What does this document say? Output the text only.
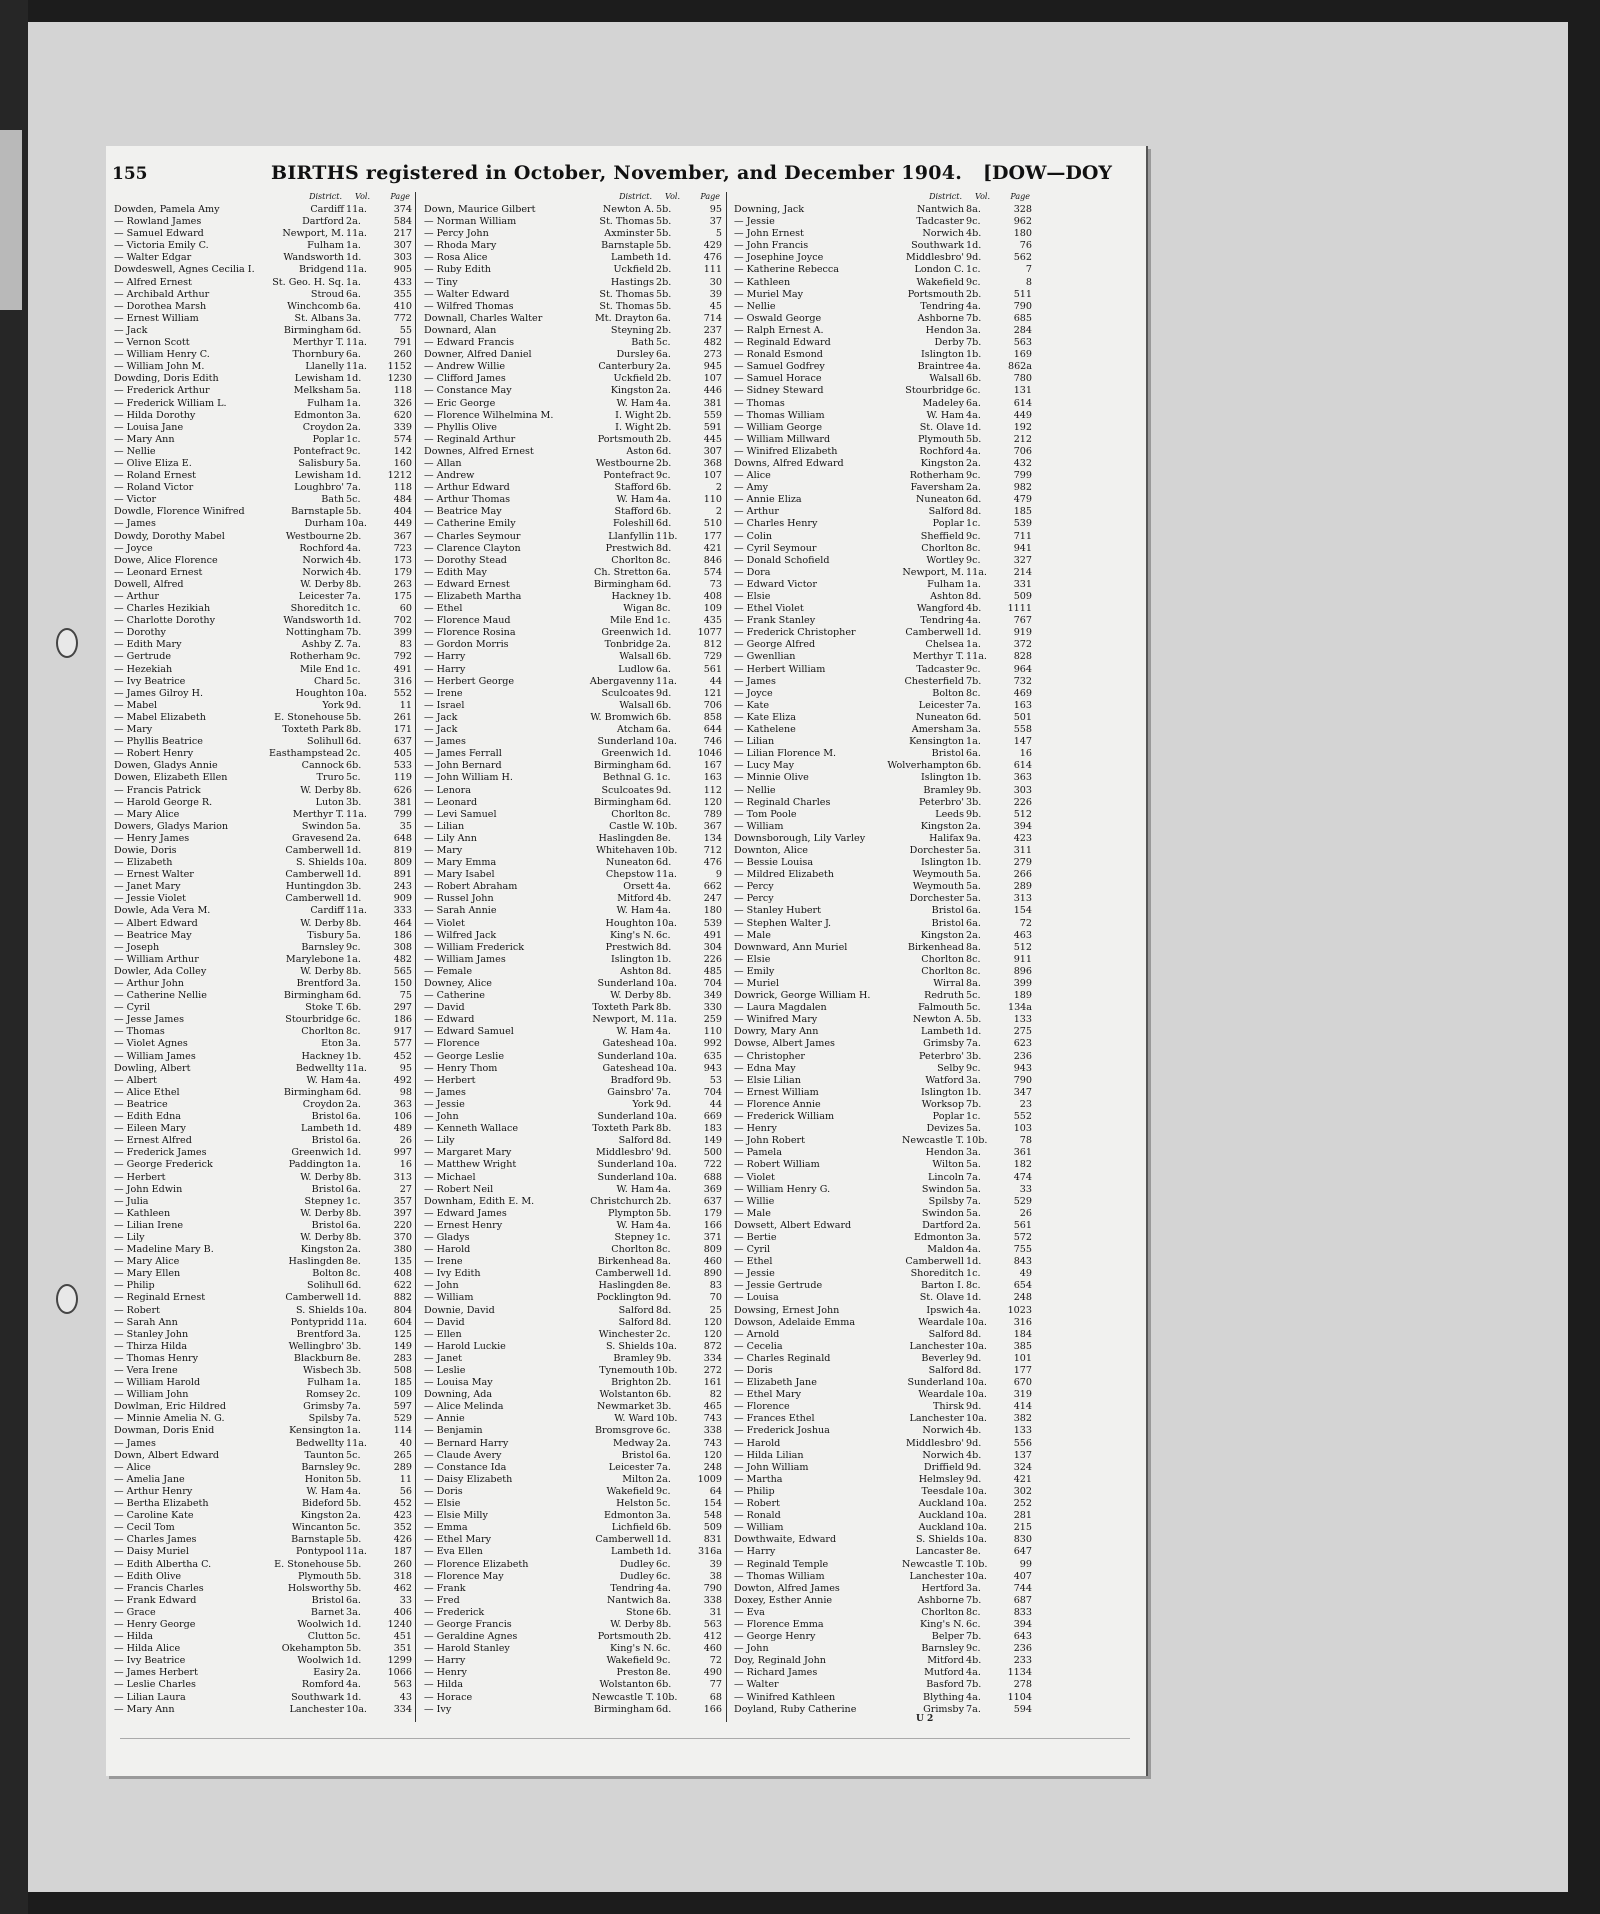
155	BIRTHS registered in October, November, and December 1904. [DOW—DOY
District. Vol.	Page
Dowden, Pamela Amy	Cardiff 11a.	374
— Rowland James	Dartford 2a.	584
— Samuel Edward	Newport, M. 11a.	217
— Victoria Emily C.	Fulham 1a.	307
— Walter Edgar	Wandsworth 1d.	303
Dowdeswell, Agnes Cecilia I.	Bridgend 11a.	905
— Alfred Ernest	St. Geo. H. Sq. 1a.	433
— Archibald Arthur	Stroud 6a.	355
— Dorothea Marsh	Winchcomb 6a.	410
— Ernest William	St. Albans 3a.	772
— Jack	Birmingham 6d.	55
— Vernon Scott	Merthyr T. 11a.	791
— William Henry C.	Thornbury 6a.	260
— William John M.	Llanelly 11a.	1152
Dowding, Doris Edith	Lewisham 1d.	1230
— Frederick Arthur	Melksham 5a.	118
— Frederick William L.	Fulham 1a.	326
— Hilda Dorothy	Edmonton 3a.	620
— Louisa Jane	Croydon 2a.	339
— Mary Ann	Poplar 1c.	574
— Nellie	Pontefract 9c.	142
— Olive Eliza E.	Salisbury 5a.	160
— Roland Ernest	Lewisham 1d.	1212
— Roland Victor	Loughbro' 7a.	118
— Victor	Bath 5c.	484
Dowdle, Florence Winifred	Barnstaple 5b.	404
— James	Durham 10a.	449
Dowdy, Dorothy Mabel	Westbourne 2b.	367
— Joyce	Rochford 4a.	723
Dowe, Alice Florence	Norwich 4b.	173
— Leonard Ernest	Norwich 4b.	179
Dowell, Alfred	W. Derby 8b.	263
— Arthur	Leicester 7a.	175
— Charles Hezikiah	Shoreditch 1c.	60
— Charlotte Dorothy	Wandsworth 1d.	702
— Dorothy	Nottingham 7b.	399
— Edith Mary	Ashby Z. 7a.	83
— Gertrude	Rotherham 9c.	792
— Hezekiah	Mile End 1c.	491
— Ivy Beatrice	Chard 5c.	316
— James Gilroy H.	Houghton 10a.	552
— Mabel	York 9d.	11
— Mabel Elizabeth	E. Stonehouse 5b.	261
— Mary	Toxteth Park 8b.	171
— Phyllis Beatrice	Solihull 6d.	637
— Robert Henry	Easthampstead 2c.	405
Dowen, Gladys Annie	Cannock 6b.	533
Dowen, Elizabeth Ellen	Truro 5c.	119
— Francis Patrick	W. Derby 8b.	626
— Harold George R.	Luton 3b.	381
— Mary Alice	Merthyr T. 11a.	799
Dowers, Gladys Marion	Swindon 5a.	35
— Henry James	Gravesend 2a.	648
Dowie, Doris	Camberwell 1d.	819
— Elizabeth	S. Shields 10a.	809
— Ernest Walter	Camberwell 1d.	891
— Janet Mary	Huntingdon 3b.	243
— Jessie Violet	Camberwell 1d.	909
Dowle, Ada Vera M.	Cardiff 11a.	333
— Albert Edward	W. Derby 8b.	464
— Beatrice May	Tisbury 5a.	186
— Joseph	Barnsley 9c.	308
— William Arthur	Marylebone 1a.	482
Dowler, Ada Colley	W. Derby 8b.	565
— Arthur John	Brentford 3a.	150
— Catherine Nellie	Birmingham 6d.	75
— Cyril	Stoke T. 6b.	297
— Jesse James	Stourbridge 6c.	186
— Thomas	Chorlton 8c.	917
— Violet Agnes	Eton 3a.	577
— William James	Hackney 1b.	452
Dowling, Albert	Bedwellty 11a.	95
— Albert	W. Ham 4a.	492
— Alice Ethel	Birmingham 6d.	98
— Beatrice	Croydon 2a.	363
— Edith Edna	Bristol 6a.	106
— Eileen Mary	Lambeth 1d.	489
— Ernest Alfred	Bristol 6a.	26
— Frederick James	Greenwich 1d.	997
— George Frederick	Paddington 1a.	16
— Herbert	W. Derby 8b.	313
— John Edwin	Bristol 6a.	27
— Julia	Stepney 1c.	357
— Kathleen	W. Derby 8b.	397
— Lilian Irene	Bristol 6a.	220
— Lily	W. Derby 8b.	370
— Madeline Mary B.	Kingston 2a.	380
— Mary Alice	Haslingden 8e.	135
— Mary Ellen	Bolton 8c.	408
— Philip	Solihull 6d.	622
— Reginald Ernest	Camberwell 1d.	882
— Robert	S. Shields 10a.	804
— Sarah Ann	Pontypridd 11a.	604
— Stanley John	Brentford 3a.	125
— Thirza Hilda	Wellingbro' 3b.	149
— Thomas Henry	Blackburn 8e.	283
— Vera Irene	Wisbech 3b.	508
— William Harold	Fulham 1a.	185
— William John	Romsey 2c.	109
Dowlman, Eric Hildred	Grimsby 7a.	597
— Minnie Amelia N. G.	Spilsby 7a.	529
Dowman, Doris Enid	Kensington 1a.	114
— James	Bedwellty 11a.	40
Down, Albert Edward	Taunton 5c.	265
— Alice	Barnsley 9c.	289
— Amelia Jane	Honiton 5b.	11
— Arthur Henry	W. Ham 4a.	56
— Bertha Elizabeth	Bideford 5b.	452
— Caroline Kate	Kingston 2a.	423
— Cecil Tom	Wincanton 5c.	352
— Charles James	Barnstaple 5b.	426
— Daisy Muriel	Pontypool 11a.	187
— Edith Albertha C.	E. Stonehouse 5b.	260
— Edith Olive	Plymouth 5b.	318
— Francis Charles	Holsworthy 5b.	462
— Frank Edward	Bristol 6a.	33
— Grace	Barnet 3a.	406
— Henry George	Woolwich 1d.	1240
— Hilda	Clutton 5c.	451
— Hilda Alice	Okehampton 5b.	351
— Ivy Beatrice	Woolwich 1d.	1299
— James Herbert	Easiry 2a.	1066
— Leslie Charles	Romford 4a.	563
— Lilian Laura	Southwark 1d.	43
— Mary Ann	Lanchester 10a.	334
District. Vol.	Page
Down, Maurice Gilbert	Newton A. 5b.	95
— Norman William	St. Thomas 5b.	37
— Percy John	Axminster 5b.	5
— Rhoda Mary	Barnstaple 5b.	429
— Rosa Alice	Lambeth 1d.	476
— Ruby Edith	Uckfield 2b.	111
— Tiny	Hastings 2b.	30
— Walter Edward	St. Thomas 5b.	39
— Wilfred Thomas	St. Thomas 5b.	45
Downall, Charles Walter	Mt. Drayton 6a.	714
Downard, Alan	Steyning 2b.	237
— Edward Francis	Bath 5c.	482
Downer, Alfred Daniel	Dursley 6a.	273
— Andrew Willie	Canterbury 2a.	945
— Clifford James	Uckfield 2b.	107
— Constance May	Kingston 2a.	446
— Eric George	W. Ham 4a.	381
— Florence Wilhelmina M.	I. Wight 2b.	559
— Phyllis Olive	I. Wight 2b.	591
— Reginald Arthur	Portsmouth 2b.	445
Downes, Alfred Ernest	Aston 6d.	307
— Allan	Westbourne 2b.	368
— Andrew	Pontefract 9c.	107
— Arthur Edward	Stafford 6b.	2
— Arthur Thomas	W. Ham 4a.	110
— Beatrice May	Stafford 6b.	2
— Catherine Emily	Foleshill 6d.	510
— Charles Seymour	Llanfyllin 11b.	177
— Clarence Clayton	Prestwich 8d.	421
— Dorothy Stead	Chorlton 8c.	846
— Edith May	Ch. Stretton 6a.	574
— Edward Ernest	Birmingham 6d.	73
— Elizabeth Martha	Hackney 1b.	408
— Ethel	Wigan 8c.	109
— Florence Maud	Mile End 1c.	435
— Florence Rosina	Greenwich 1d.	1077
— Gordon Morris	Tonbridge 2a.	812
— Harry	Walsall 6b.	729
— Harry	Ludlow 6a.	561
— Herbert George	Abergavenny 11a.	44
— Irene	Sculcoates 9d.	121
— Israel	Walsall 6b.	706
— Jack	W. Bromwich 6b.	858
— Jack	Atcham 6a.	644
— James	Sunderland 10a.	746
— James Ferrall	Greenwich 1d.	1046
— John Bernard	Birmingham 6d.	167
— John William H.	Bethnal G. 1c.	163
— Lenora	Sculcoates 9d.	112
— Leonard	Birmingham 6d.	120
— Levi Samuel	Chorlton 8c.	789
— Lilian	Castle W. 10b.	367
— Lily Ann	Haslingden 8e.	134
— Mary	Whitehaven 10b.	712
— Mary Emma	Nuneaton 6d.	476
— Mary Isabel	Chepstow 11a.	9
— Robert Abraham	Orsett 4a.	662
— Russel John	Mitford 4b.	247
— Sarah Annie	W. Ham 4a.	180
— Violet	Houghton 10a.	539
— Wilfred Jack	King's N. 6c.	491
— William Frederick	Prestwich 8d.	304
— William James	Islington 1b.	226
— Female	Ashton 8d.	485
Downey, Alice	Sunderland 10a.	704
— Catherine	W. Derby 8b.	349
— David	Toxteth Park 8b.	330
— Edward	Newport, M. 11a.	259
— Edward Samuel	W. Ham 4a.	110
— Florence	Gateshead 10a.	992
— George Leslie	Sunderland 10a.	635
— Henry Thom	Gateshead 10a.	943
— Herbert	Bradford 9b.	53
— James	Gainsbro' 7a.	704
— Jessie	York 9d.	44
— John	Sunderland 10a.	669
— Kenneth Wallace	Toxteth Park 8b.	183
— Lily	Salford 8d.	149
— Margaret Mary	Middlesbro' 9d.	500
— Matthew Wright	Sunderland 10a.	722
— Michael	Sunderland 10a.	688
— Robert Neil	W. Ham 4a.	369
Downham, Edith E. M.	Christchurch 2b.	637
— Edward James	Plympton 5b.	179
— Ernest Henry	W. Ham 4a.	166
— Gladys	Stepney 1c.	371
— Harold	Chorlton 8c.	809
— Irene	Birkenhead 8a.	460
— Ivy Edith	Camberwell 1d.	890
— John	Haslingden 8e.	83
— William	Pocklington 9d.	70
Downie, David	Salford 8d.	25
— David	Salford 8d.	120
— Ellen	Winchester 2c.	120
— Harold Luckie	S. Shields 10a.	872
— Janet	Bramley 9b.	334
— Leslie	Tynemouth 10b.	272
— Louisa May	Brighton 2b.	161
Downing, Ada	Wolstanton 6b.	82
— Alice Melinda	Newmarket 3b.	465
— Annie	W. Ward 10b.	743
— Benjamin	Bromsgrove 6c.	338
— Bernard Harry	Medway 2a.	743
— Claude Avery	Bristol 6a.	120
— Constance Ida	Leicester 7a.	248
— Daisy Elizabeth	Milton 2a.	1009
— Doris	Wakefield 9c.	64
— Elsie	Helston 5c.	154
— Elsie Milly	Edmonton 3a.	548
— Emma	Lichfield 6b.	509
— Ethel Mary	Camberwell 1d.	831
— Eva Ellen	Lambeth 1d.	316a
— Florence Elizabeth	Dudley 6c.	39
— Florence May	Dudley 6c.	38
— Frank	Tendring 4a.	790
— Fred	Nantwich 8a.	338
— Frederick	Stone 6b.	31
— George Francis	W. Derby 8b.	563
— Geraldine Agnes	Portsmouth 2b.	412
— Harold Stanley	King's N. 6c.	460
— Harry	Wakefield 9c.	72
— Henry	Preston 8e.	490
— Hilda	Wolstanton 6b.	77
— Horace	Newcastle T. 10b.	68
— Ivy	Birmingham 6d.	166
District. Vol.	Page
Downing, Jack	Nantwich 8a.	328
— Jessie	Tadcaster 9c.	962
— John Ernest	Norwich 4b.	180
— John Francis	Southwark 1d.	76
— Josephine Joyce	Middlesbro' 9d.	562
— Katherine Rebecca	London C. 1c.	7
— Kathleen	Wakefield 9c.	8
— Muriel May	Portsmouth 2b.	511
— Nellie	Tendring 4a.	790
— Oswald George	Ashborne 7b.	685
— Ralph Ernest A.	Hendon 3a.	284
— Reginald Edward	Derby 7b.	563
— Ronald Esmond	Islington 1b.	169
— Samuel Godfrey	Braintree 4a.	862a
— Samuel Horace	Walsall 6b.	780
— Sidney Steward	Stourbridge 6c.	131
— Thomas	Madeley 6a.	614
— Thomas William	W. Ham 4a.	449
— William George	St. Olave 1d.	192
— William Millward	Plymouth 5b.	212
— Winifred Elizabeth	Rochford 4a.	706
Downs, Alfred Edward	Kingston 2a.	432
— Alice	Rotherham 9c.	799
— Amy	Faversham 2a.	982
— Annie Eliza	Nuneaton 6d.	479
— Arthur	Salford 8d.	185
— Charles Henry	Poplar 1c.	539
— Colin	Sheffield 9c.	711
— Cyril Seymour	Chorlton 8c.	941
— Donald Schofield	Wortley 9c.	327
— Dora	Newport, M. 11a.	214
— Edward Victor	Fulham 1a.	331
— Elsie	Ashton 8d.	509
— Ethel Violet	Wangford 4b.	1111
— Frank Stanley	Tendring 4a.	767
— Frederick Christopher	Camberwell 1d.	919
— George Alfred	Chelsea 1a.	372
— Gwenllian	Merthyr T. 11a.	828
— Herbert William	Tadcaster 9c.	964
— James	Chesterfield 7b.	732
— Joyce	Bolton 8c.	469
— Kate	Leicester 7a.	163
— Kate Eliza	Nuneaton 6d.	501
— Kathelene	Amersham 3a.	558
— Lilian	Kensington 1a.	147
— Lilian Florence M.	Bristol 6a.	16
— Lucy May	Wolverhampton 6b.	614
— Minnie Olive	Islington 1b.	363
— Nellie	Bramley 9b.	303
— Reginald Charles	Peterbro' 3b.	226
— Tom Poole	Leeds 9b.	512
— William	Kingston 2a.	394
Downsborough, Lily Varley	Halifax 9a.	423
Downton, Alice	Dorchester 5a.	311
— Bessie Louisa	Islington 1b.	279
— Mildred Elizabeth	Weymouth 5a.	266
— Percy	Weymouth 5a.	289
— Percy	Dorchester 5a.	313
— Stanley Hubert	Bristol 6a.	154
— Stephen Walter J.	Bristol 6a.	72
— Male	Kingston 2a.	463
Downward, Ann Muriel	Birkenhead 8a.	512
— Elsie	Chorlton 8c.	911
— Emily	Chorlton 8c.	896
— Muriel	Wirral 8a.	399
Dowrick, George William H.	Redruth 5c.	189
— Laura Magdalen	Falmouth 5c.	134a
— Winifred Mary	Newton A. 5b.	133
Dowry, Mary Ann	Lambeth 1d.	275
Dowse, Albert James	Grimsby 7a.	623
— Christopher	Peterbro' 3b.	236
— Edna May	Selby 9c.	943
— Elsie Lilian	Watford 3a.	790
— Ernest William	Islington 1b.	347
— Florence Annie	Worksop 7b.	23
— Frederick William	Poplar 1c.	552
— Henry	Devizes 5a.	103
— John Robert	Newcastle T. 10b.	78
— Pamela	Hendon 3a.	361
— Robert William	Wilton 5a.	182
— Violet	Lincoln 7a.	474
— William Henry G.	Swindon 5a.	33
— Willie	Spilsby 7a.	529
— Male	Swindon 5a.	26
Dowsett, Albert Edward	Dartford 2a.	561
— Bertie	Edmonton 3a.	572
— Cyril	Maldon 4a.	755
— Ethel	Camberwell 1d.	843
— Jessie	Shoreditch 1c.	49
— Jessie Gertrude	Barton I. 8c.	654
— Louisa	St. Olave 1d.	248
Dowsing, Ernest John	Ipswich 4a.	1023
Dowson, Adelaide Emma	Weardale 10a.	316
— Arnold	Salford 8d.	184
— Cecelia	Lanchester 10a.	385
— Charles Reginald	Beverley 9d.	101
— Doris	Salford 8d.	177
— Elizabeth Jane	Sunderland 10a.	670
— Ethel Mary	Weardale 10a.	319
— Florence	Thirsk 9d.	414
— Frances Ethel	Lanchester 10a.	382
— Frederick Joshua	Norwich 4b.	133
— Harold	Middlesbro' 9d.	556
— Hilda Lilian	Norwich 4b.	137
— John William	Driffield 9d.	324
— Martha	Helmsley 9d.	421
— Philip	Teesdale 10a.	302
— Robert	Auckland 10a.	252
— Ronald	Auckland 10a.	281
— William	Auckland 10a.	215
Dowthwaite, Edward	S. Shields 10a.	830
— Harry	Lancaster 8e.	647
— Reginald Temple	Newcastle T. 10b.	99
— Thomas William	Lanchester 10a.	407
Dowton, Alfred James	Hertford 3a.	744
Doxey, Esther Annie	Ashborne 7b.	687
— Eva	Chorlton 8c.	833
— Florence Emma	King's N. 6c.	394
— George Henry	Belper 7b.	643
— John	Barnsley 9c.	236
Doy, Reginald John	Mitford 4b.	233
— Richard James	Mutford 4a.	1134
— Walter	Basford 7b.	278
— Winifred Kathleen	Blything 4a.	1104
Doyland, Ruby Catherine	Grimsby 7a.	594
U 2
